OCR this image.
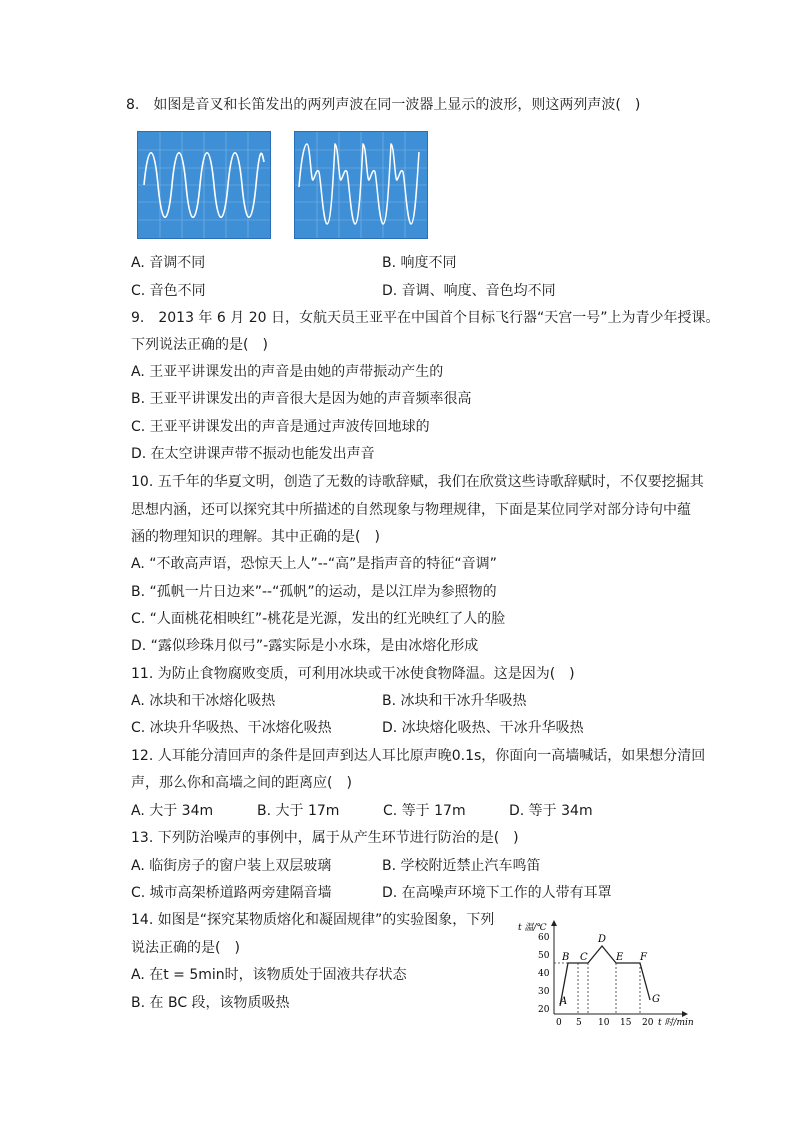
8.　如图是音叉和长笛发出的两列声波在同一波器上显示的波形，则这两列声波(　)
A. 音调不同	B. 响度不同
C. 音色不同	D. 音调、响度、音色均不同
9.　2013 年 6 月 20 日，女航天员王亚平在中国首个目标飞行器“天宫一号”上为青少年授课。
下列说法正确的是(　)
A. 王亚平讲课发出的声音是由她的声带振动产生的
B. 王亚平讲课发出的声音很大是因为她的声音频率很高
C. 王亚平讲课发出的声音是通过声波传回地球的
D. 在太空讲课声带不振动也能发出声音
10. 五千年的华夏文明，创造了无数的诗歌辞赋，我们在欣赏这些诗歌辞赋时，不仅要挖掘其
思想内涵，还可以探究其中所描述的自然现象与物理规律，下面是某位同学对部分诗句中蕴
涵的物理知识的理解。其中正确的是(　)
A. “不敢高声语，恐惊天上人”--“高”是指声音的特征“音调”
B. “孤帆一片日边来”--“孤帆”的运动，是以江岸为参照物的
C. “人面桃花相映红”-桃花是光源，发出的红光映红了人的脸
D. “露似珍珠月似弓”-露实际是小水珠，是由冰熔化形成
11. 为防止食物腐败变质，可利用冰块或干冰使食物降温。这是因为(　)
A. 冰块和干冰熔化吸热	B. 冰块和干冰升华吸热
C. 冰块升华吸热、干冰熔化吸热	D. 冰块熔化吸热、干冰升华吸热
12. 人耳能分清回声的条件是回声到达人耳比原声晚0.1s，你面向一高墙喊话，如果想分清回
声，那么你和高墙之间的距离应(　)
A. 大于 34m	B. 大于 17m	C. 等于 17m	D. 等于 34m
13. 下列防治噪声的事例中，属于从产生环节进行防治的是(　)
A. 临街房子的窗户装上双层玻璃	B. 学校附近禁止汽车鸣笛
C. 城市高架桥道路两旁建隔音墙	D. 在高噪声环境下工作的人带有耳罩
14. 如图是“探究某物质熔化和凝固规律”的实验图象，下列
说法正确的是(　)
A. 在t = 5min时，该物质处于固液共存状态
B. 在 BC 段，该物质吸热
t 温/℃
60
50
40
30
20
0 5 10 15 20 t 时/min
A
B C
D
E F
G
